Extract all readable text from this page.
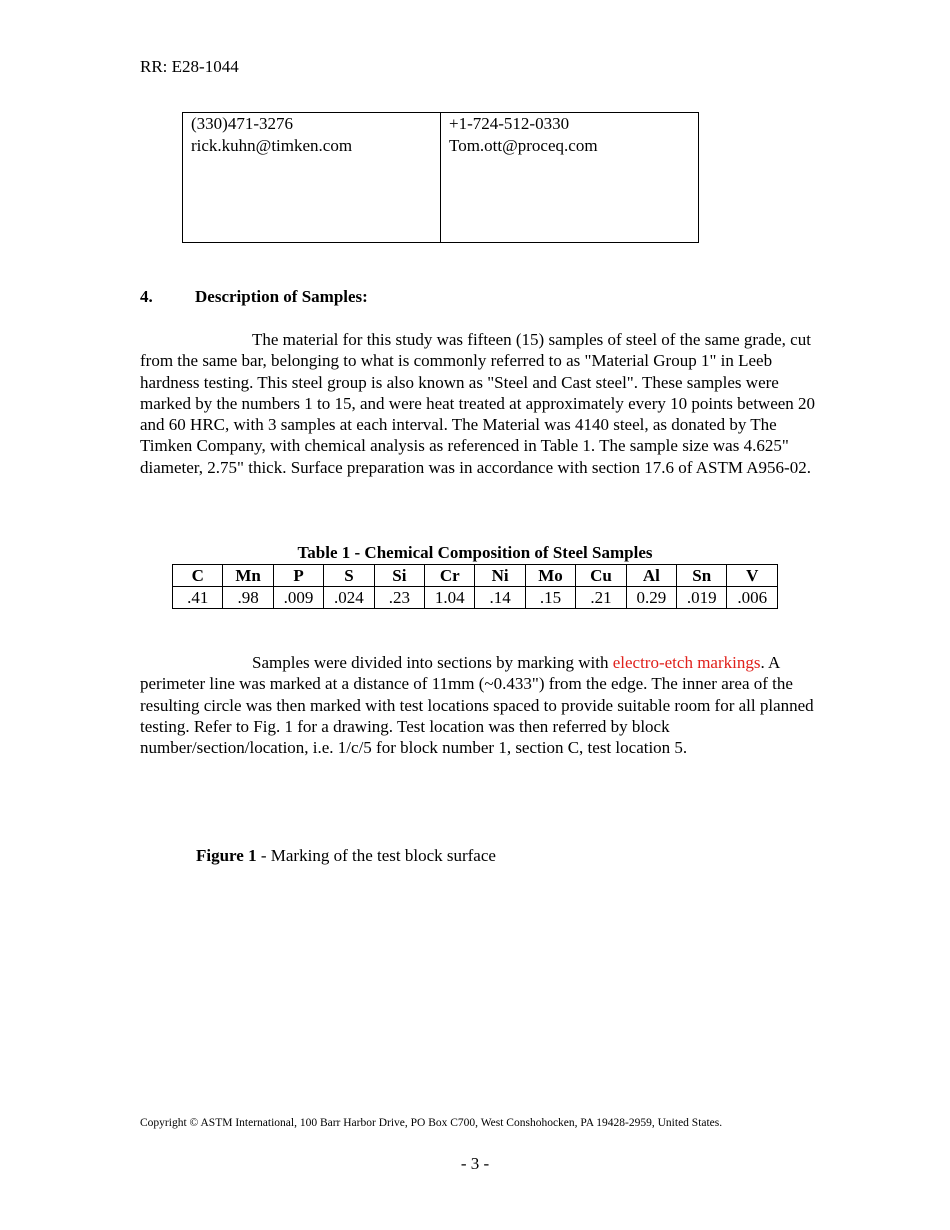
RR: E28-1044
(330)471-3276
rick.kuhn@timken.com

+1-724-512-0330
Tom.ott@proceq.com
4. Description of Samples:
The material for this study was fifteen (15) samples of steel of the same grade, cut from the same bar, belonging to what is commonly referred to as "Material Group 1" in Leeb hardness testing. This steel group is also known as "Steel and Cast steel". These samples were marked by the numbers 1 to 15, and were heat treated at approximately every 10 points between 20 and 60 HRC, with 3 samples at each interval. The Material was 4140 steel, as donated by The Timken Company, with chemical analysis as referenced in Table 1. The sample size was 4.625" diameter, 2.75" thick. Surface preparation was in accordance with section 17.6 of ASTM A956-02.
Table 1 - Chemical Composition of Steel Samples
C	Mn	P	S	Si	Cr	Ni	Mo	Cu	Al	Sn	V
.41	.98	.009	.024	.23	1.04	.14	.15	.21	0.29	.019	.006
Samples were divided into sections by marking with electro-etch markings. A perimeter line was marked at a distance of 11mm (~0.433") from the edge. The inner area of the resulting circle was then marked with test locations spaced to provide suitable room for all planned testing. Refer to Fig. 1 for a drawing. Test location was then referred by block number/section/location, i.e. 1/c/5 for block number 1, section C, test location 5.
Figure 1 - Marking of the test block surface
Copyright © ASTM International, 100 Barr Harbor Drive, PO Box C700, West Conshohocken, PA 19428-2959, United States.
- 3 -
